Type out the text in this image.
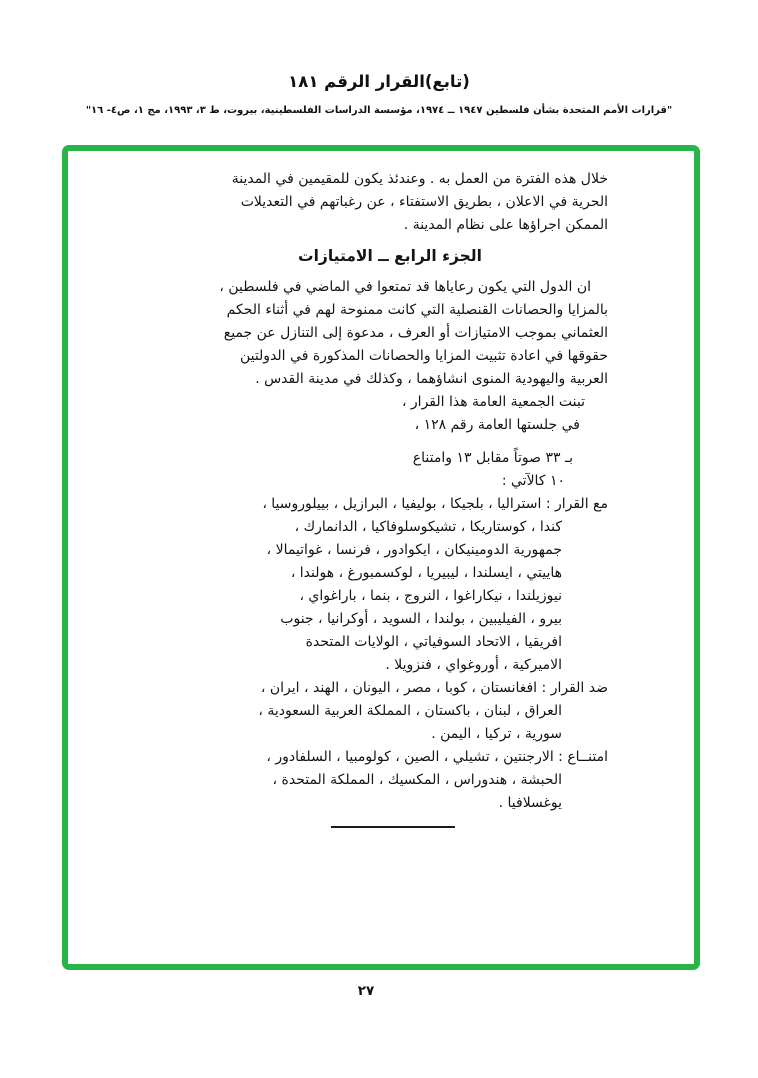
(تابع)القرار الرقم ١٨١
"قرارات الأمم المتحدة بشأن فلسطين ١٩٤٧ ــ ١٩٧٤، مؤسسة الدراسات الفلسطينية، بيروت، ط ٣، ١٩٩٣، مج ١، ص٤- ١٦"
خلال هذه الفترة من العمل به . وعندئذ يكون للمقيمين في المدينة
الحرية في الاعلان ، بطريق الاستفتاء ، عن رغباتهم في التعديلات
الممكن اجراؤها على نظام المدينة .
الجزء الرابع ــ الامتيازات
ان الدول التي يكون رعاياها قد تمتعوا في الماضي في فلسطين ،
بالمزايا والحصانات القنصلية التي كانت ممنوحة لهم في أثناء الحكم
العثماني بموجب الامتيازات أو العرف ، مدعوة إلى التنازل عن جميع
حقوقها في اعادة تثبيت المزايا والحصانات المذكورة في الدولتين
العربية واليهودية المنوى انشاؤهما ، وكذلك في مدينة القدس .
تبنت الجمعية العامة هذا القرار ،
في جلستها العامة رقم ١٢٨ ،
بـ ٣٣ صوتاً مقابل ١٣ وامتناع
١٠ كالآتي :
مع القرار : استراليا ، بلجيكا ، بوليفيا ، البرازيل ، بييلوروسيا ،
كندا ، كوستاريكا ، تشيكوسلوفاكيا ، الدانمارك ،
جمهورية الدومينيكان ، ايكوادور ، فرنسا ، غواتيمالا ،
هاييتي ، ايسلندا ، ليبيريا ، لوكسمبورغ ، هولندا ،
نيوزيلندا ، نيكاراغوا ، النروج ، بنما ، باراغواي ،
بيرو ، الفيليبين ، بولندا ، السويد ، أوكرانيا ، جنوب
افريقيا ، الاتحاد السوفياتي ، الولايات المتحدة
الاميركية ، أوروغواي ، فنزويلا .
ضد القرار : افغانستان ، كوبا ، مصر ، اليونان ، الهند ، ايران ،
العراق ، لبنان ، باكستان ، المملكة العربية السعودية ،
سورية ، تركيا ، اليمن .
امتنــاع : الارجنتين ، تشيلي ، الصين ، كولومبيا ، السلفادور ،
الحبشة ، هندوراس ، المكسيك ، المملكة المتحدة ،
يوغسلافيا .
٢٧
